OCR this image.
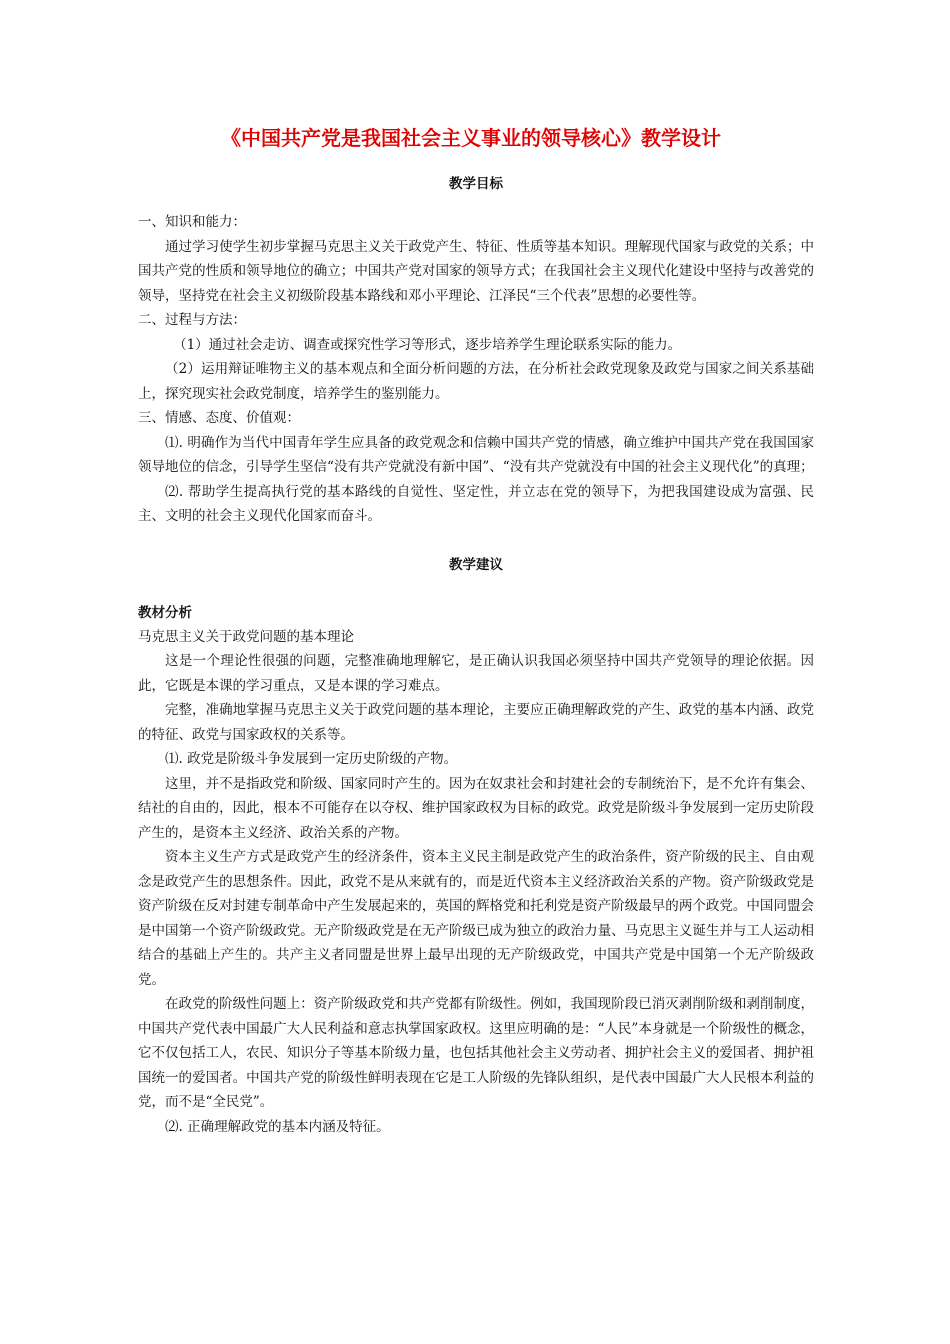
《中国共产党是我国社会主义事业的领导核心》教学设计
教学目标

一、知识和能力：

通过学习使学生初步掌握马克思主义关于政党产生、特征、性质等基本知识。理解现代国家与政党的关系；中国共产党的性质和领导地位的确立；中国共产党对国家的领导方式；在我国社会主义现代化建设中坚持与改善党的领导，坚持党在社会主义初级阶段基本路线和邓小平理论、江泽民“三个代表”思想的必要性等。

二、过程与方法：

（1）通过社会走访、调查或探究性学习等形式，逐步培养学生理论联系实际的能力。

（2）运用辩证唯物主义的基本观点和全面分析问题的方法，在分析社会政党现象及政党与国家之间关系基础上，探究现实社会政党制度，培养学生的鉴别能力。

三、情感、态度、价值观：

⑴. 明确作为当代中国青年学生应具备的政党观念和信赖中国共产党的情感，确立维护中国共产党在我国国家领导地位的信念，引导学生坚信“没有共产党就没有新中国”、“没有共产党就没有中国的社会主义现代化”的真理；

⑵. 帮助学生提高执行党的基本路线的自觉性、坚定性，并立志在党的领导下，为把我国建设成为富强、民主、文明的社会主义现代化国家而奋斗。

教学建议
教材分析

马克思主义关于政党问题的基本理论

这是一个理论性很强的问题，完整准确地理解它，是正确认识我国必须坚持中国共产党领导的理论依据。因此，它既是本课的学习重点，又是本课的学习难点。

完整，准确地掌握马克思主义关于政党问题的基本理论，主要应正确理解政党的产生、政党的基本内涵、政党的特征、政党与国家政权的关系等。

⑴. 政党是阶级斗争发展到一定历史阶级的产物。

这里，并不是指政党和阶级、国家同时产生的。因为在奴隶社会和封建社会的专制统治下，是不允许有集会、结社的自由的，因此，根本不可能存在以夺权、维护国家政权为目标的政党。政党是阶级斗争发展到一定历史阶段产生的，是资本主义经济、政治关系的产物。

资本主义生产方式是政党产生的经济条件，资本主义民主制是政党产生的政治条件，资产阶级的民主、自由观念是政党产生的思想条件。因此，政党不是从来就有的，而是近代资本主义经济政治关系的产物。资产阶级政党是资产阶级在反对封建专制革命中产生发展起来的，英国的辉格党和托利党是资产阶级最早的两个政党。中国同盟会是中国第一个资产阶级政党。无产阶级政党是在无产阶级已成为独立的政治力量、马克思主义诞生并与工人运动相结合的基础上产生的。共产主义者同盟是世界上最早出现的无产阶级政党，中国共产党是中国第一个无产阶级政党。

在政党的阶级性问题上：资产阶级政党和共产党都有阶级性。例如，我国现阶段已消灭剥削阶级和剥削制度，中国共产党代表中国最广大人民利益和意志执掌国家政权。这里应明确的是：“人民”本身就是一个阶级性的概念，它不仅包括工人，农民、知识分子等基本阶级力量，也包括其他社会主义劳动者、拥护社会主义的爱国者、拥护祖国统一的爱国者。中国共产党的阶级性鲜明表现在它是工人阶级的先锋队组织，是代表中国最广大人民根本利益的党，而不是“全民党”。

⑵. 正确理解政党的基本内涵及特征。
